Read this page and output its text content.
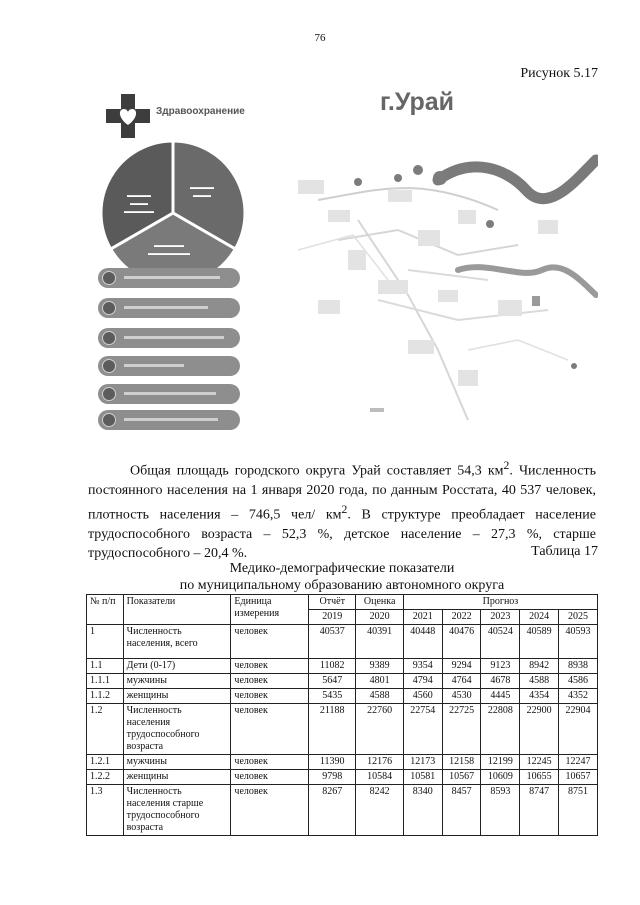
76
Рисунок 5.17
Здравоохранение	г.Урай
▬▬▬▬
▬▬▬
▬▬▬▬▬
▬▬▬▬
▬▬▬
▬▬▬▬▬
▬▬▬▬▬▬▬

Общая площадь городского округа Урай составляет 54,3 $км^2$. Численность постоянного населения на 1 января 2020 года, по данным Росстата, 40 537 человек, плотность населения – 746,5 чел/ $км^2$. В структуре преобладает население трудоспособного возраста – 52,3 %, детское население – 27,3 %, старше трудоспособного – 20,4 %.	Таблица 17
Медико-демографические показатели
по муниципальному образованию автономного округа
№ п/п	Показатели	Единица измерения	Отчёт	Оценка	Прогноз				
			2019	2020	2021	2022	2023	2024	2025
1	Численность населения, всего	человек	40537	40391	40448	40476	40524	40589	40593
1.1	Дети (0-17)	человек	11082	9389	9354	9294	9123	8942	8938
1.1.1	мужчины	человек	5647	4801	4794	4764	4678	4588	4586
1.1.2	женщины	человек	5435	4588	4560	4530	4445	4354	4352
1.2	Численность населения трудоспособного возраста	человек	21188	22760	22754	22725	22808	22900	22904
1.2.1	мужчины	человек	11390	12176	12173	12158	12199	12245	12247
1.2.2	женщины	человек	9798	10584	10581	10567	10609	10655	10657
1.3	Численность населения старше трудоспособного возраста	человек	8267	8242	8340	8457	8593	8747	8751
